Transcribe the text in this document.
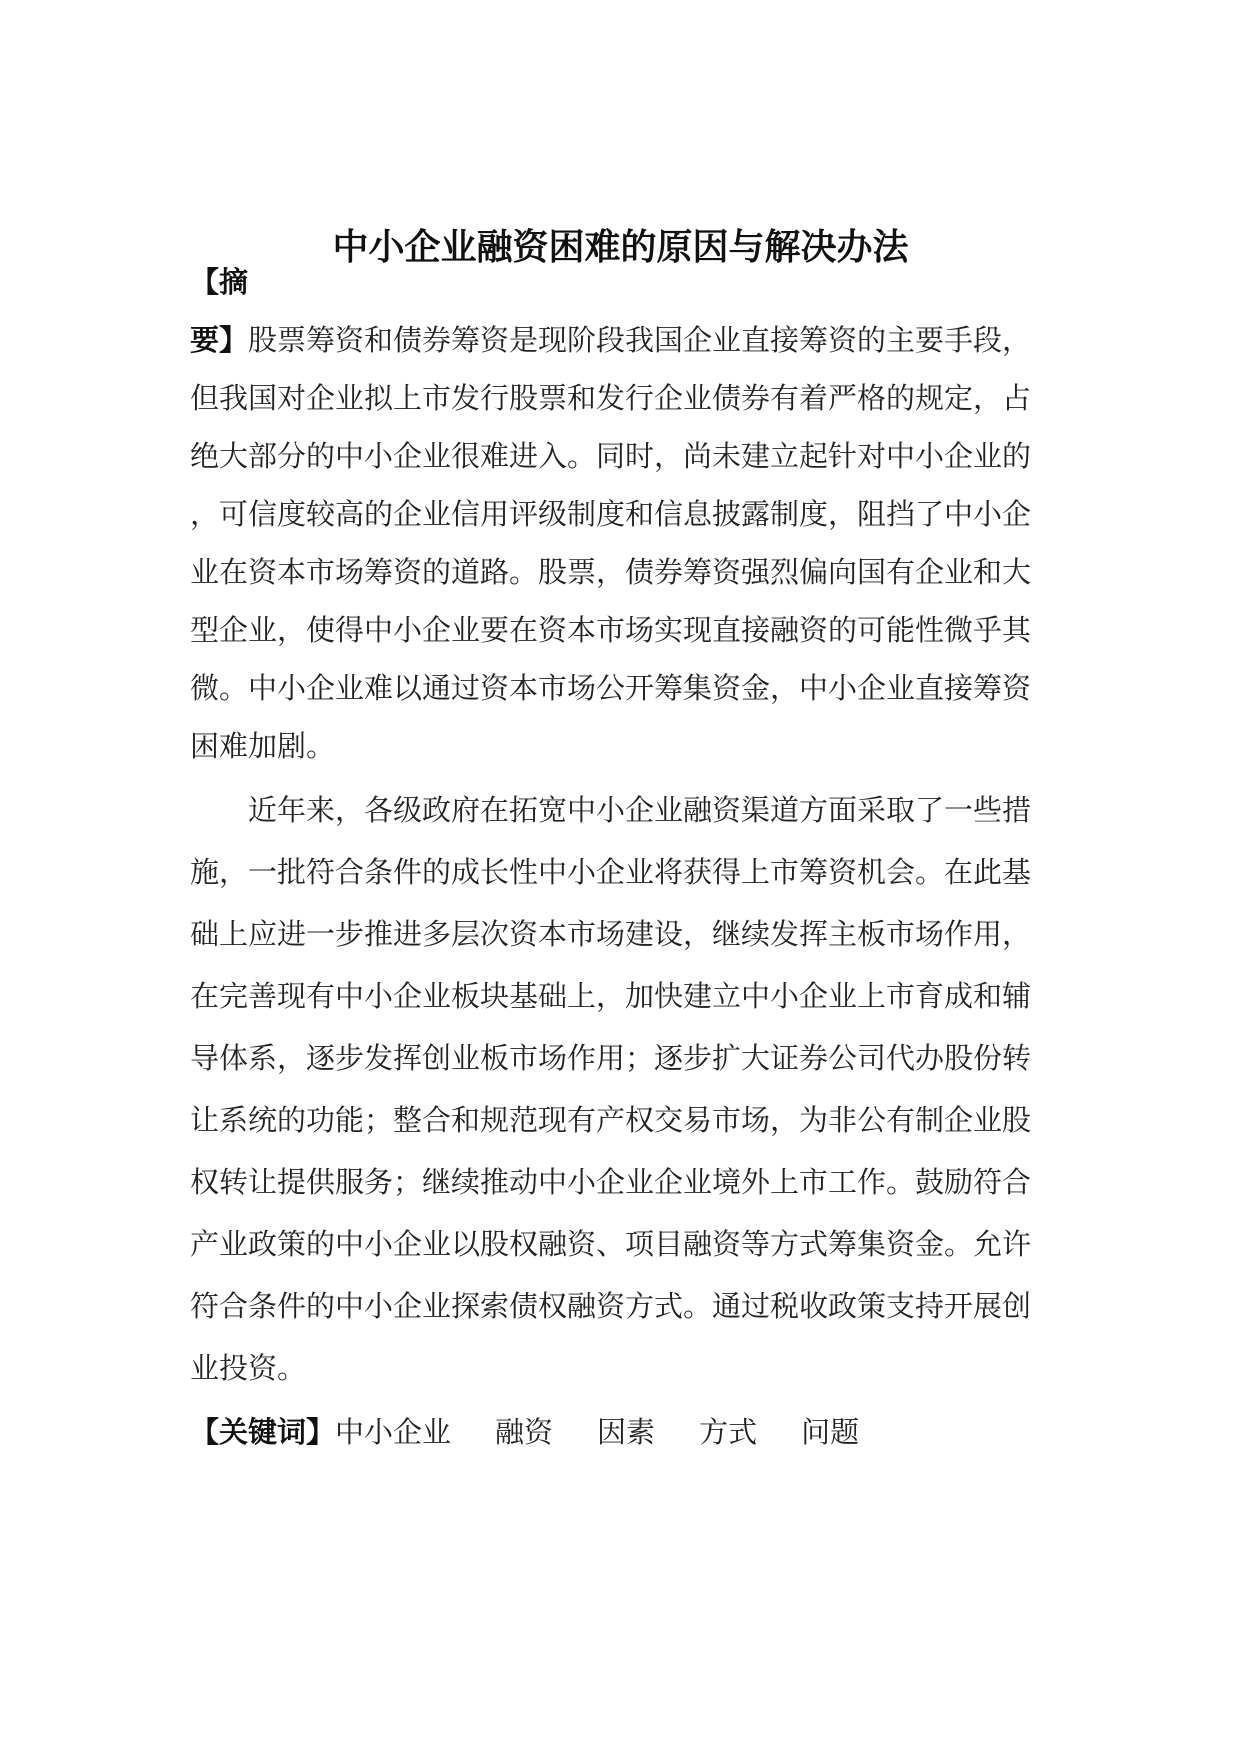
中小企业融资困难的原因与解决办法
【摘
要】股票筹资和债券筹资是现阶段我国企业直接筹资的主要手段，
但我国对企业拟上市发行股票和发行企业债券有着严格的规定，占
绝大部分的中小企业很难进入。同时，尚未建立起针对中小企业的
，可信度较高的企业信用评级制度和信息披露制度，阻挡了中小企
业在资本市场筹资的道路。股票，债券筹资强烈偏向国有企业和大
型企业，使得中小企业要在资本市场实现直接融资的可能性微乎其
微。中小企业难以通过资本市场公开筹集资金，中小企业直接筹资
困难加剧。
近年来，各级政府在拓宽中小企业融资渠道方面采取了一些措
施，一批符合条件的成长性中小企业将获得上市筹资机会。在此基
础上应进一步推进多层次资本市场建设，继续发挥主板市场作用，
在完善现有中小企业板块基础上，加快建立中小企业上市育成和辅
导体系，逐步发挥创业板市场作用；逐步扩大证券公司代办股份转
让系统的功能；整合和规范现有产权交易市场，为非公有制企业股
权转让提供服务；继续推动中小企业企业境外上市工作。鼓励符合
产业政策的中小企业以股权融资、项目融资等方式筹集资金。允许
符合条件的中小企业探索债权融资方式。通过税收政策支持开展创
业投资。
【关键词】中小企业 融资 因素 方式 问题
